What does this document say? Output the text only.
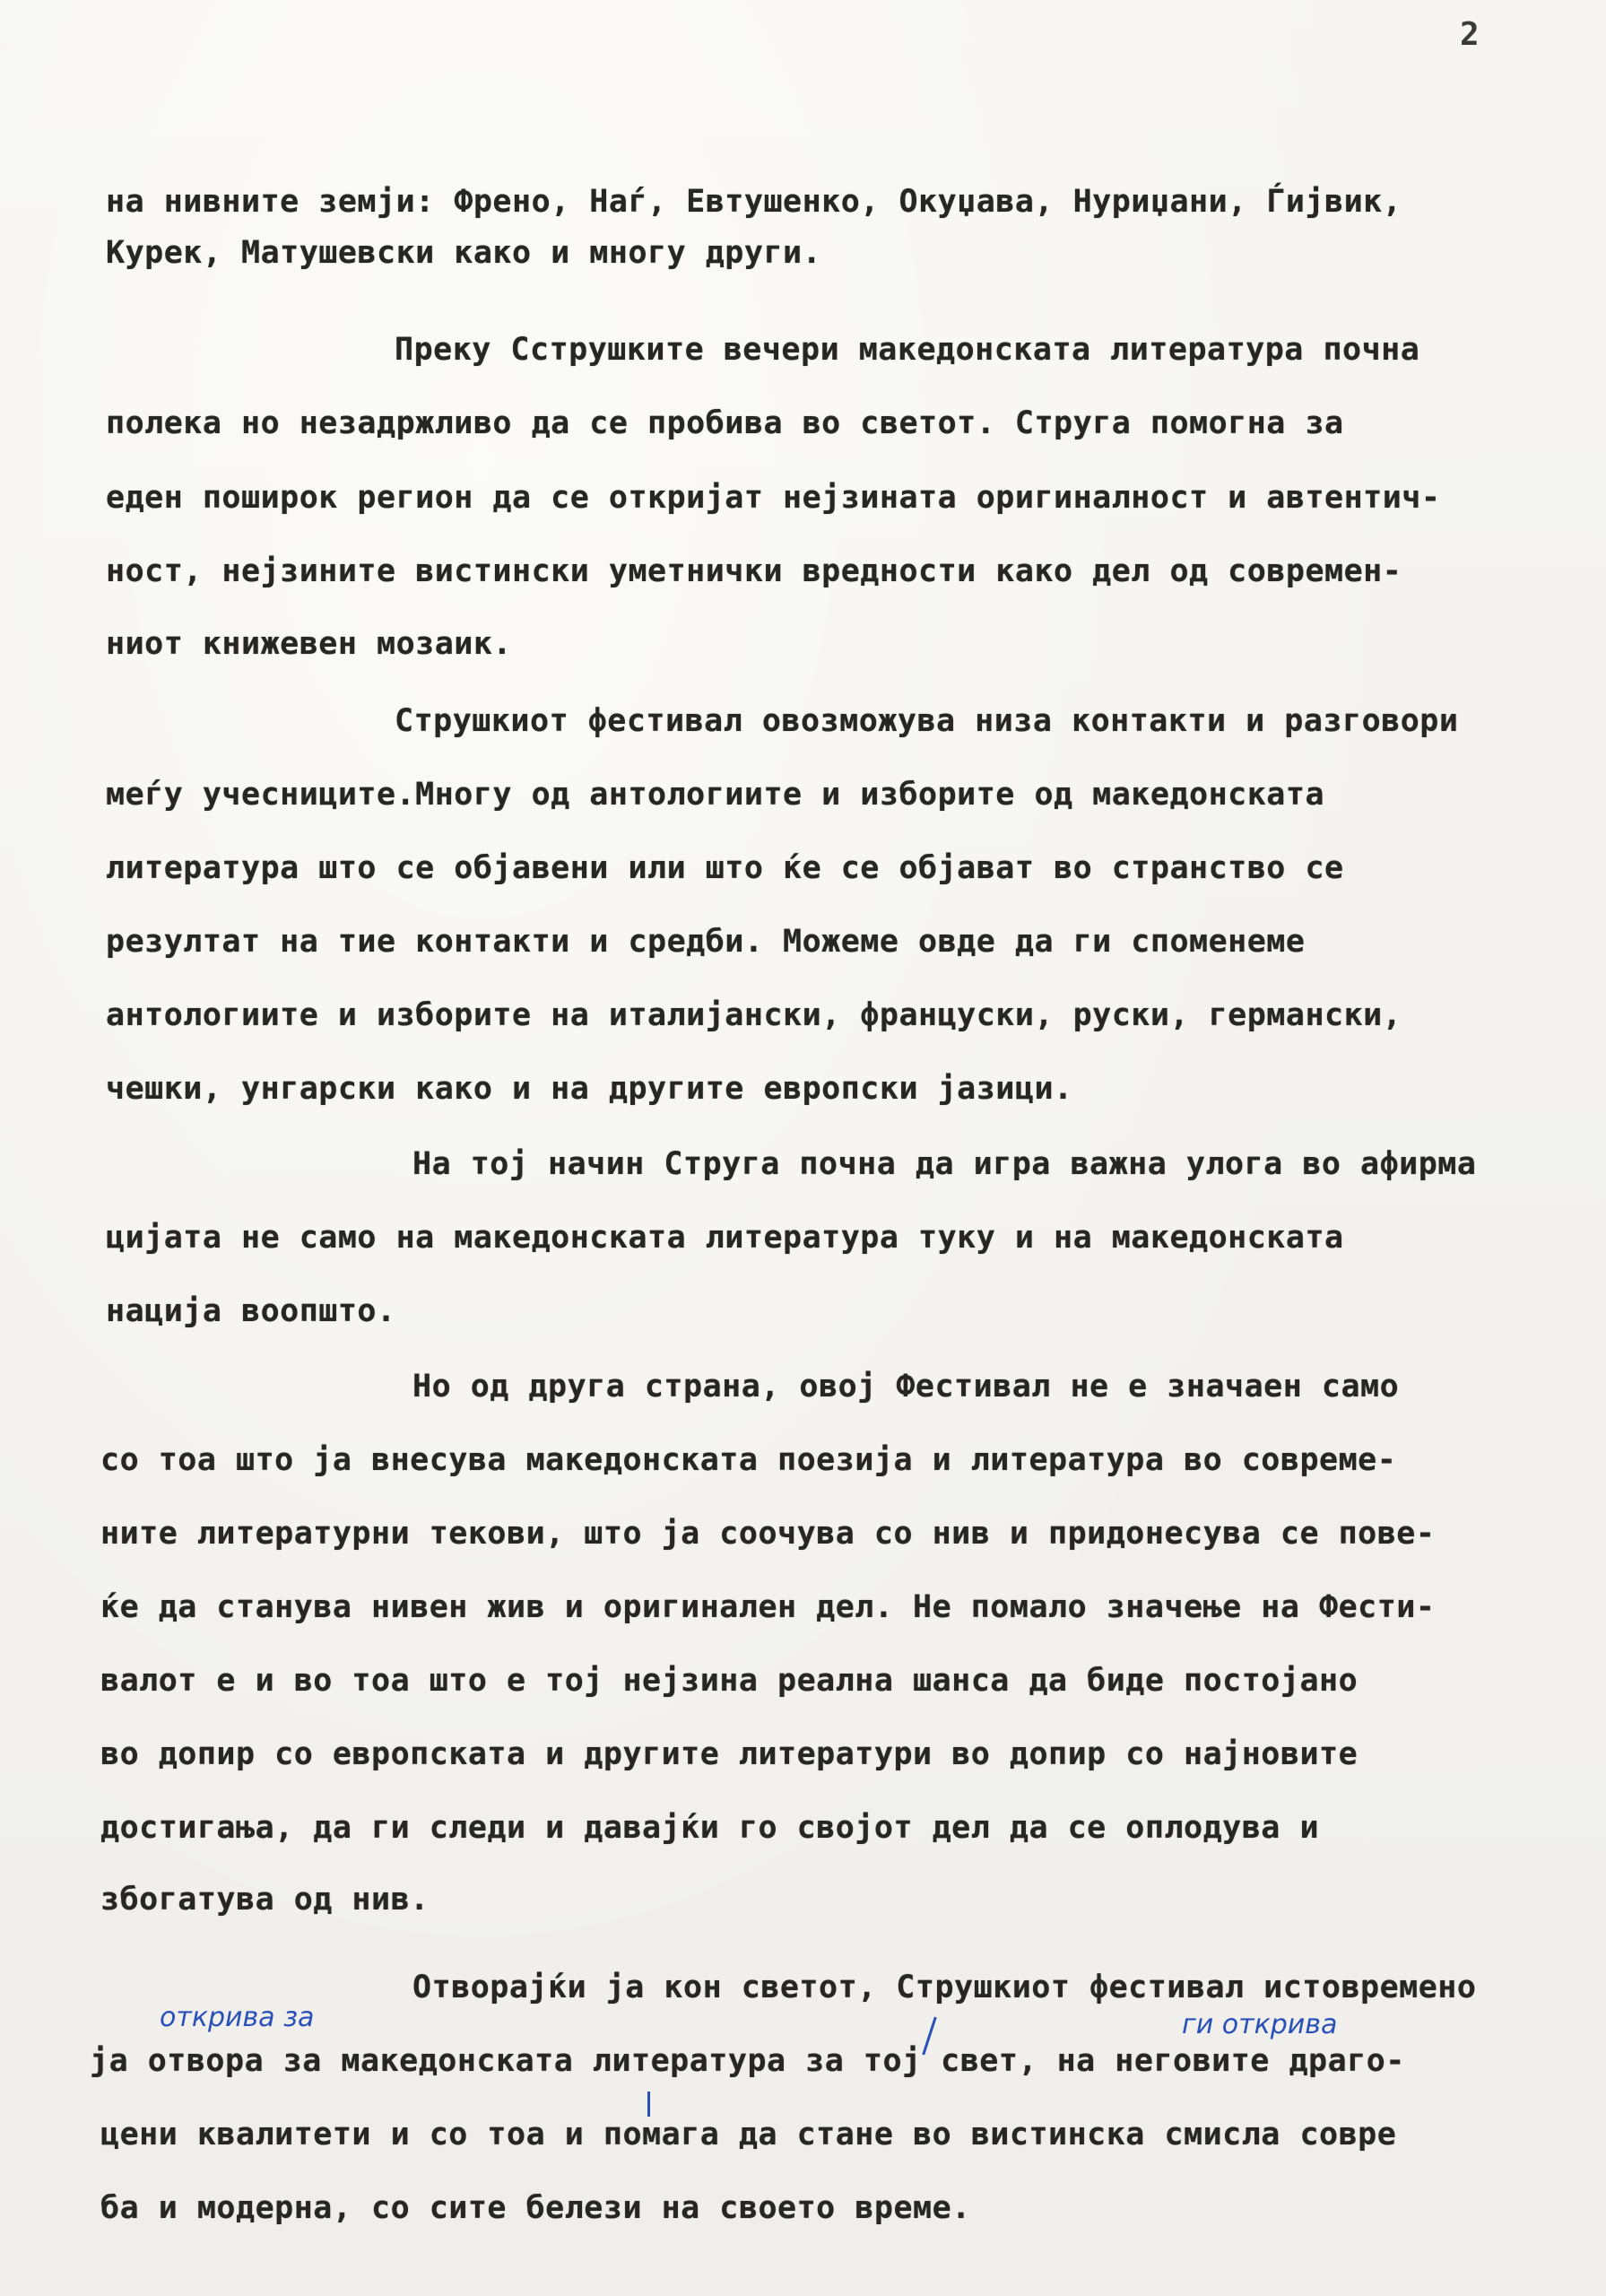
2
на нивните земји: Френо, Наѓ, Евтушенко, Окуџава, Нуриџани, Ѓијвик,
Курек, Матушевски како и многу други.
Преку Сструшките вечери македонската литература почна
полека но незадржливо да се пробива во светот. Струга помогна за
еден поширок регион да се откријат нејзината оригиналност и автентич-
ност, нејзините вистински уметнички вредности како дел од современ-
ниот книжевен мозаик.
Струшкиот фестивал овозможува низа контакти и разговори
меѓу учесниците.Многу од антологиите и изборите од македонската
литература што се објавени или што ќе се објават во странство се
резултат на тие контакти и средби. Можеме овде да ги спомeнеме
антологиите и изборите на италијански, француски, руски, германски,
чешки, унгарски како и на другите европски јазици.
На тој начин Струга почна да игра важна улога во афирма
цијата не само на македонската литература туку и на македонската
нација воопшто.
Но од друга страна, овој Фестивал не е значаен само
со тоа што ја внесува македонската поезија и литература во совреме-
ните литературни текови, што ја соочува со нив и придонесува се пове-
ќе да станува нивен жив и оригинален дел. Не помало значење на Фести-
валот е и во тоа што е тој нејзина реална шанса да биде постојано
во допир со европската и другите литератури во допир со најновите
достигања, да ги следи и давајќи го својот дел да се оплодува и
збогатува од нив.
Отворајќи ја кон светот, Струшкиот фестивал истовремено
ја отвора за македонската литература за тој свет, на неговите драго-
цени квалитети и со тоа и помага да стане во вистинска смисла совре
ба и модерна, со сите белези на своето време.
открива за	ги открива
